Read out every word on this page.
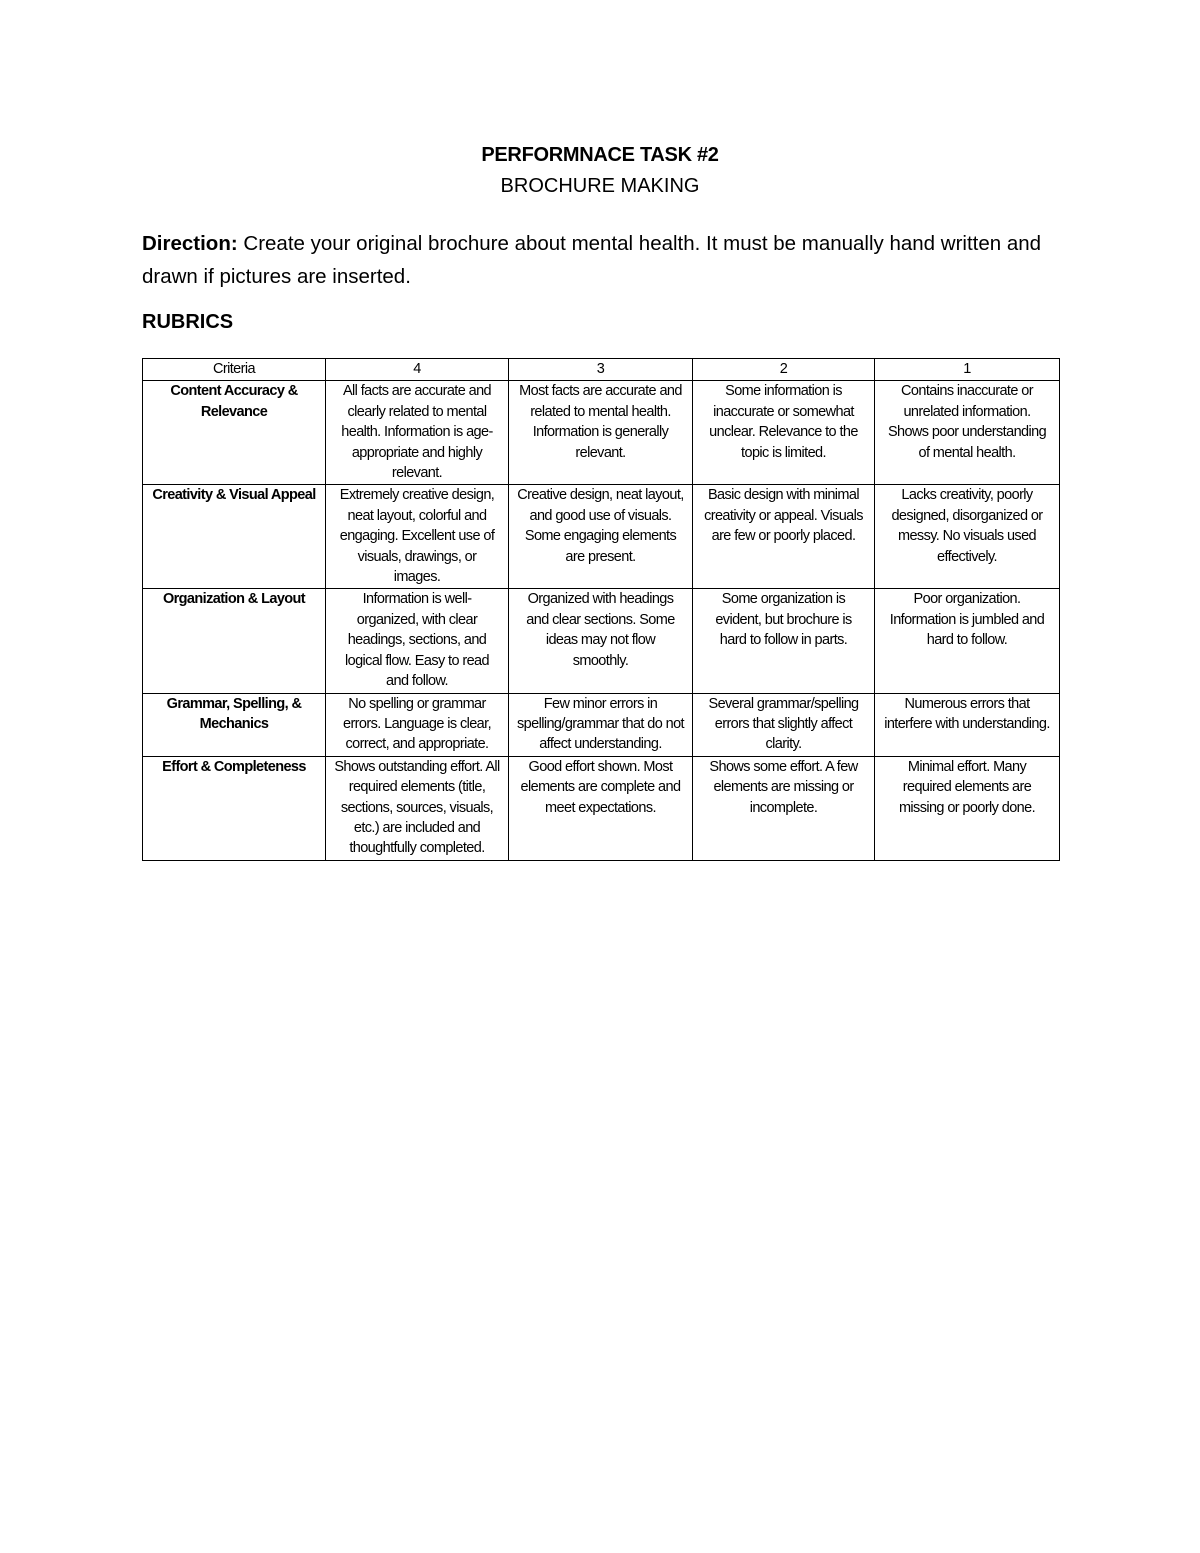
PERFORMNACE TASK #2
BROCHURE MAKING
Direction: Create your original brochure about mental health. It must be manually hand written and drawn if pictures are inserted.
RUBRICS
Criteria	4	3	2	1
Content Accuracy & Relevance	All facts are accurate and clearly related to mental health. Information is age-appropriate and highly relevant.	Most facts are accurate and related to mental health. Information is generally relevant.	Some information is inaccurate or somewhat unclear. Relevance to the topic is limited.	Contains inaccurate or unrelated information. Shows poor understanding of mental health.
Creativity & Visual Appeal	Extremely creative design, neat layout, colorful and engaging. Excellent use of visuals, drawings, or images.	Creative design, neat layout, and good use of visuals. Some engaging elements are present.	Basic design with minimal creativity or appeal. Visuals are few or poorly placed.	Lacks creativity, poorly designed, disorganized or messy. No visuals used effectively.
Organization & Layout	Information is well-organized, with clear headings, sections, and logical flow. Easy to read and follow.	Organized with headings and clear sections. Some ideas may not flow smoothly.	Some organization is evident, but brochure is hard to follow in parts.	Poor organization. Information is jumbled and hard to follow.
Grammar, Spelling, & Mechanics	No spelling or grammar errors. Language is clear, correct, and appropriate.	Few minor errors in spelling/grammar that do not affect understanding.	Several grammar/spelling errors that slightly affect clarity.	Numerous errors that interfere with understanding.
Effort & Completeness	Shows outstanding effort. All required elements (title, sections, sources, visuals, etc.) are included and thoughtfully completed.	Good effort shown. Most elements are complete and meet expectations.	Shows some effort. A few elements are missing or incomplete.	Minimal effort. Many required elements are missing or poorly done.
